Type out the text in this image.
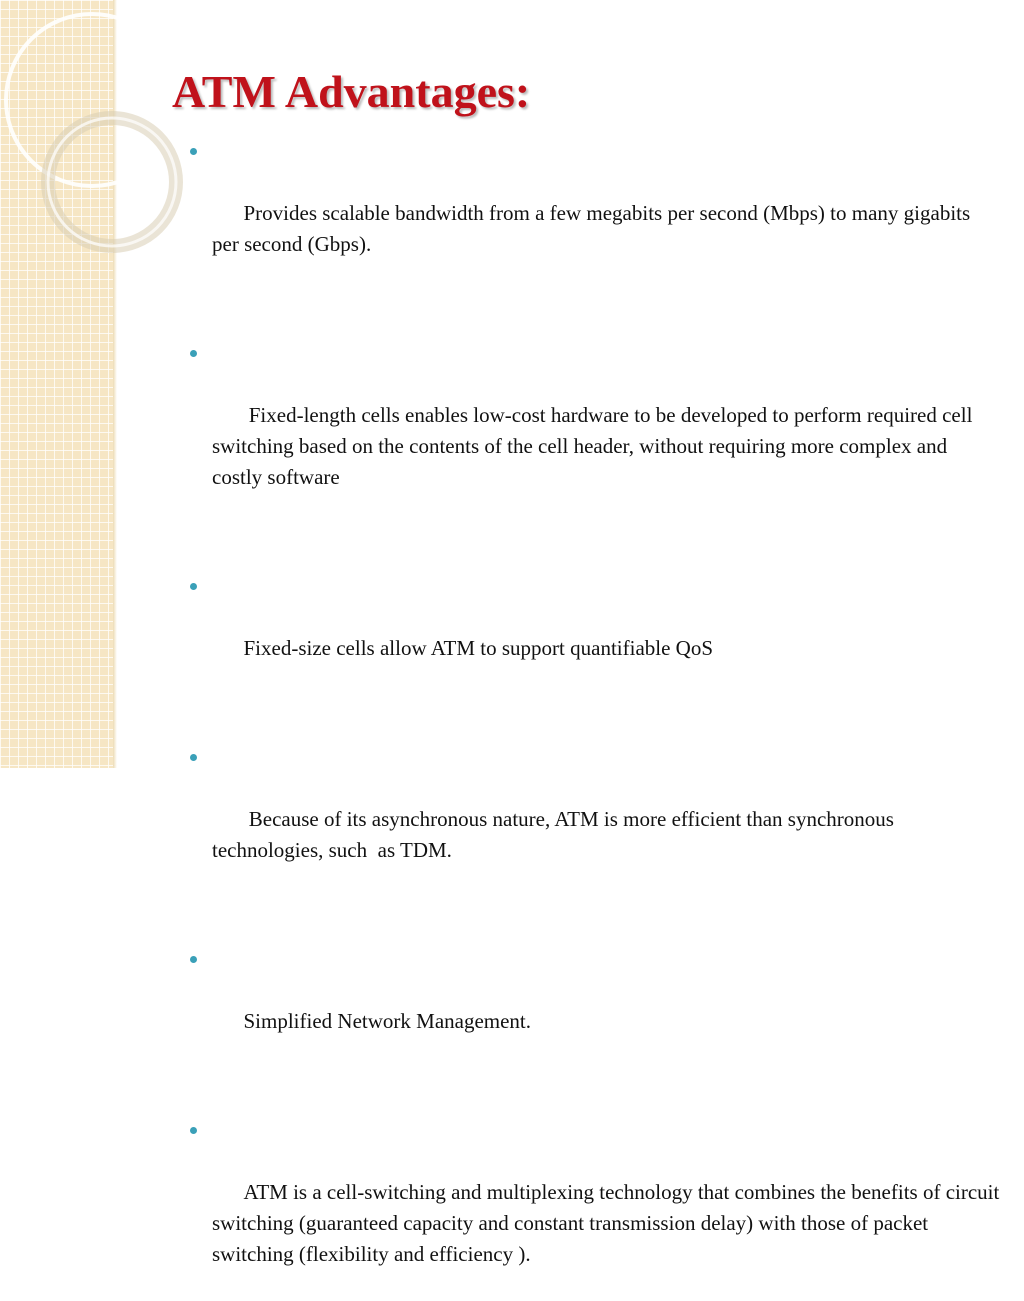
ATM Advantages:

Provides scalable bandwidth from a few megabits per second (Mbps) to many gigabits per second (Gbps).

Fixed-length cells enables low-cost hardware to be developed to perform required cell switching based on the contents of the cell header, without requiring more complex and costly software

Fixed-size cells allow ATM to support quantifiable QoS

Because of its asynchronous nature, ATM is more efficient than synchronous technologies, such  as TDM.

Simplified Network Management.

ATM is a cell-switching and multiplexing technology that combines the benefits of circuit switching (guaranteed capacity and constant transmission delay) with those of packet switching (flexibility and efficiency ).
